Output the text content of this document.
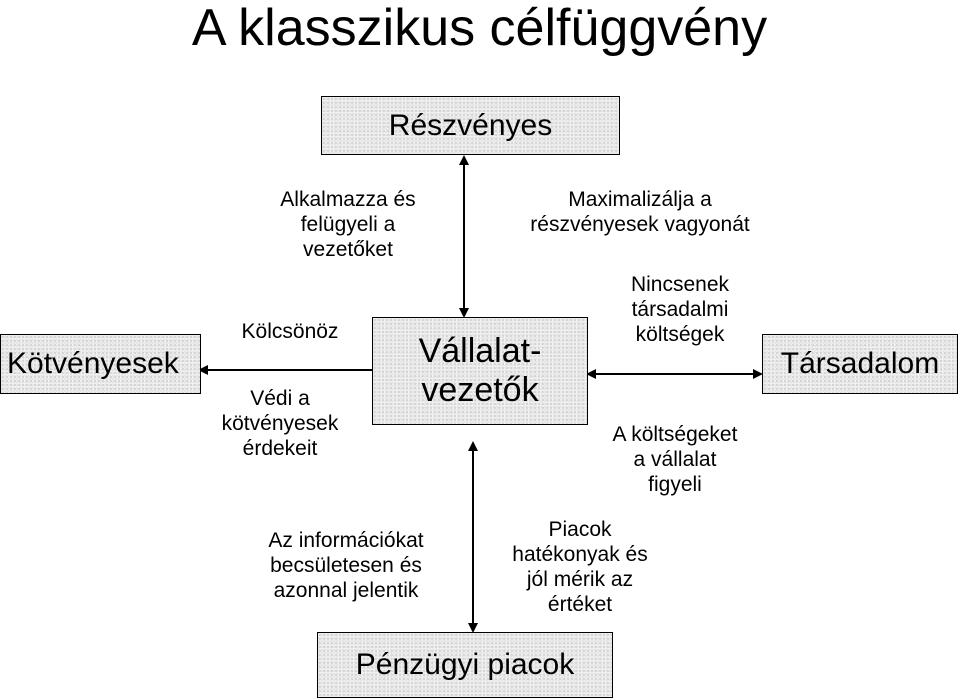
A klasszikus célfüggvény
Részvényes
Vállalat-
vezetők
Kötvényesek	Társadalom
Pénzügyi piacok
Alkalmazza és
felügyeli a
vezetőket
Maximalizálja a
részvényesek vagyonát
Kölcsönöz
Védi a
kötvényesek
érdekeit
Nincsenek
társadalmi
költségek
A költségeket
a vállalat
figyeli
Az információkat
becsületesen és
azonnal jelentik
Piacok
hatékonyak és
jól mérik az
értéket
